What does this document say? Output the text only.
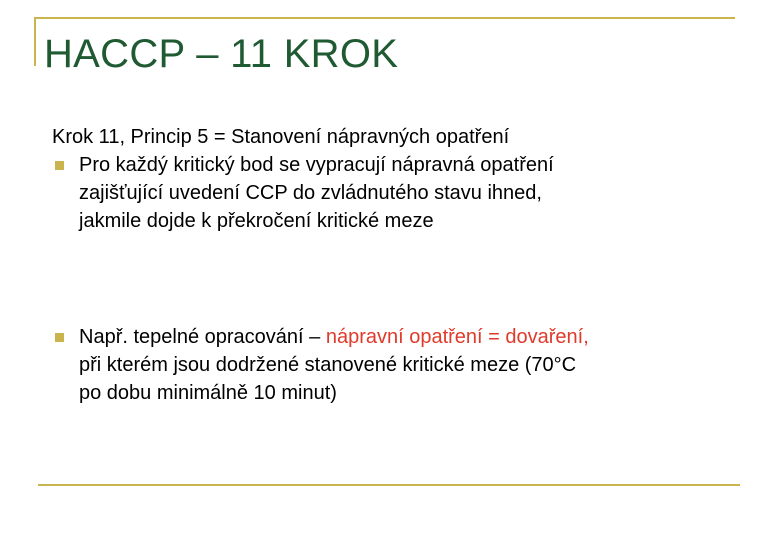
HACCP – 11 KROK
Krok 11, Princip 5 = Stanovení nápravných opatření
Pro každý kritický bod se vypracují nápravná opatření
zajišťující uvedení CCP do zvládnutého stavu ihned,
jakmile dojde k překročení kritické meze
Např. tepelné opracování – nápravní opatření = dovaření,
při kterém jsou dodržené stanovené kritické meze (70°C
po dobu minimálně 10 minut)
